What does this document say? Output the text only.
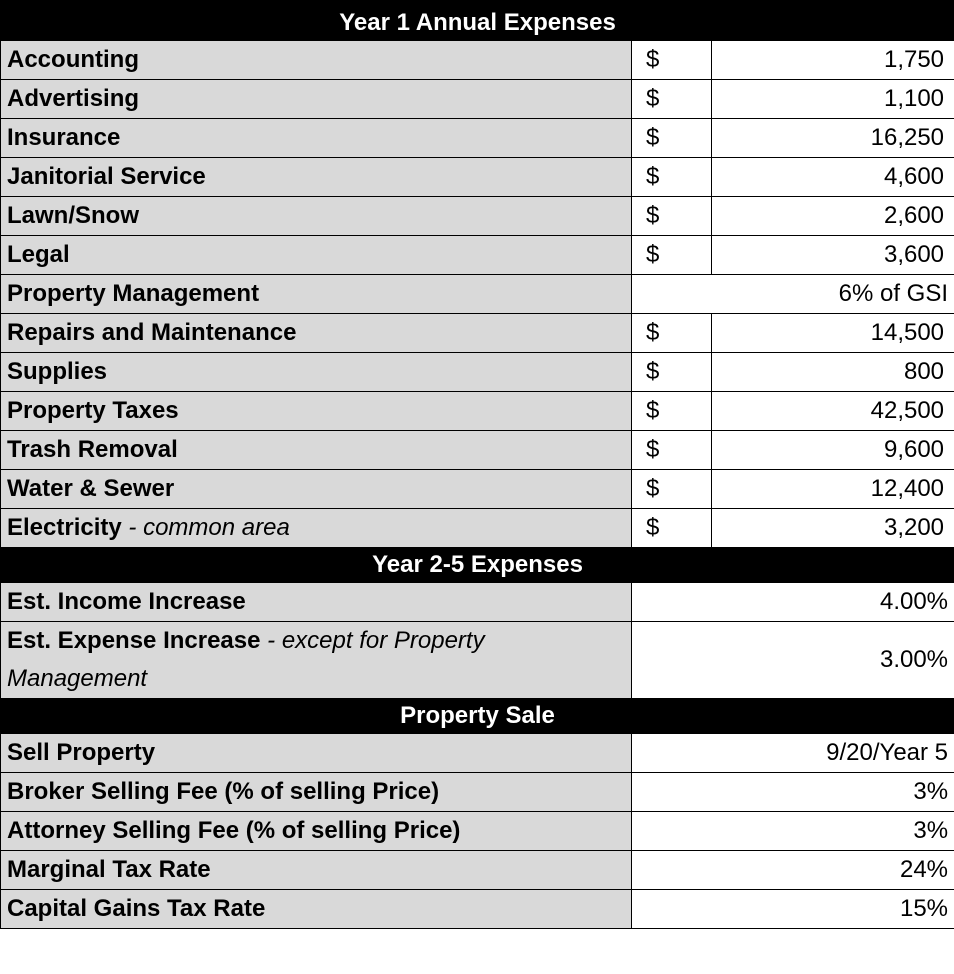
Year 1 Annual Expenses		
Accounting	$	1,750
Advertising	$	1,100
Insurance	$	16,250
Janitorial Service	$	4,600
Lawn/Snow	$	2,600
Legal	$	3,600
Property Management	6% of GSI	
Repairs and Maintenance	$	14,500
Supplies	$	800
Property Taxes	$	42,500
Trash Removal	$	9,600
Water & Sewer	$	12,400
Electricity - common area	$	3,200
Year 2-5 Expenses		
Est. Income Increase	4.00%	
Est. Expense Increase - except for Property Management	3.00%	
Property Sale		
Sell Property	9/20/Year 5	
Broker Selling Fee (% of selling Price)	3%	
Attorney Selling Fee (% of selling Price)	3%	
Marginal Tax Rate	24%	
Capital Gains Tax Rate	15%	
